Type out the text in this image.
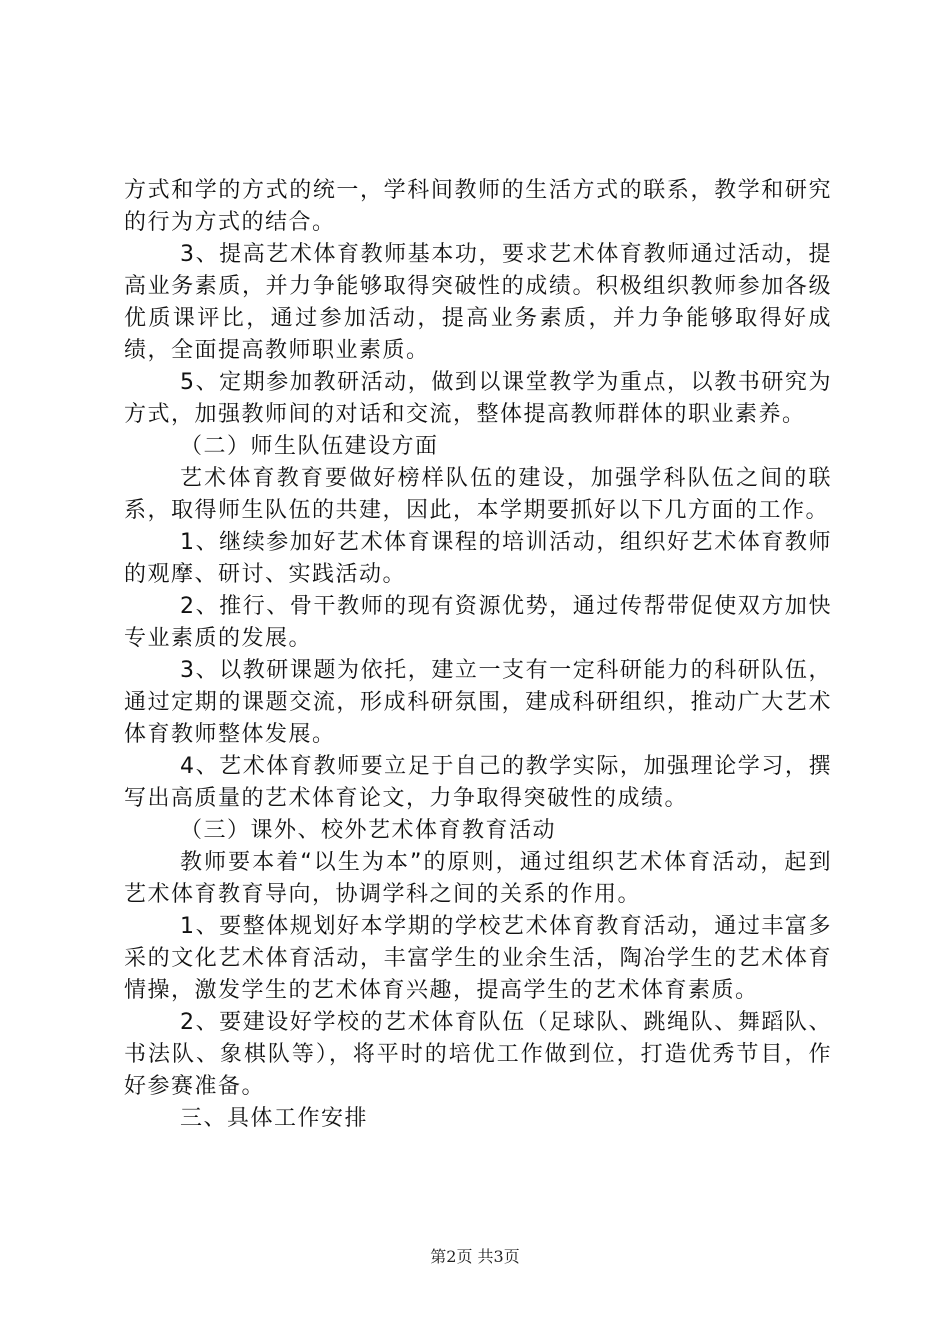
方式和学的方式的统一，学科间教师的生活方式的联系，教学和研究的行为方式的结合。

3、提高艺术体育教师基本功，要求艺术体育教师通过活动，提高业务素质，并力争能够取得突破性的成绩。积极组织教师参加各级优质课评比，通过参加活动，提高业务素质，并力争能够取得好成绩，全面提高教师职业素质。

5、定期参加教研活动，做到以课堂教学为重点，以教书研究为方式，加强教师间的对话和交流，整体提高教师群体的职业素养。

（二）师生队伍建设方面

艺术体育教育要做好榜样队伍的建设，加强学科队伍之间的联系，取得师生队伍的共建，因此，本学期要抓好以下几方面的工作。

1、继续参加好艺术体育课程的培训活动，组织好艺术体育教师的观摩、研讨、实践活动。

2、推行、骨干教师的现有资源优势，通过传帮带促使双方加快专业素质的发展。

3、以教研课题为依托，建立一支有一定科研能力的科研队伍，通过定期的课题交流，形成科研氛围，建成科研组织，推动广大艺术体育教师整体发展。

4、艺术体育教师要立足于自己的教学实际，加强理论学习，撰写出高质量的艺术体育论文，力争取得突破性的成绩。

（三）课外、校外艺术体育教育活动

教师要本着“以生为本”的原则，通过组织艺术体育活动，起到艺术体育教育导向，协调学科之间的关系的作用。

1、要整体规划好本学期的学校艺术体育教育活动，通过丰富多采的文化艺术体育活动，丰富学生的业余生活，陶冶学生的艺术体育情操，激发学生的艺术体育兴趣，提高学生的艺术体育素质。

2、要建设好学校的艺术体育队伍（足球队、跳绳队、舞蹈队、书法队、象棋队等），将平时的培优工作做到位，打造优秀节目，作好参赛准备。

三、具体工作安排

第2页 共3页
